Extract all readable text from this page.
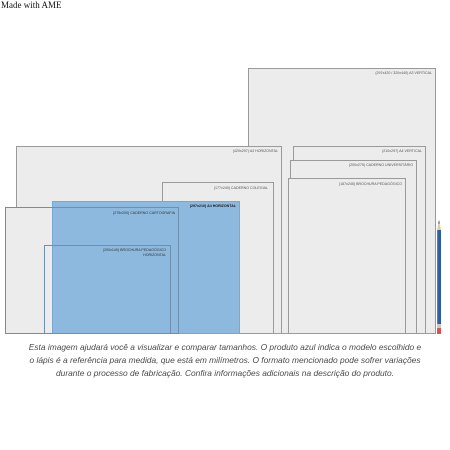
Made with AME
(297x420 / 320x440) A3 VERTICAL
(420x297) A3 HORIZONTAL	(210x297) A4 VERTICAL
(200x275) CADERNO UNIVERSITÁRIO
(187x245) BROCHURA PEDAGÓGICO
(177x240) CADERNO COLEGIAL
(297x210) A4 HORIZONTAL
(275x200) CADERNO CARTOGRAFIA
(200x140) BROCHURA PEDAGÓGICO
HORIZONTAL
Esta imagem ajudará você a visualizar e comparar tamanhos. O produto azul indica o modelo escolhido e
o lápis é a referência para medida, que está em milímetros. O formato mencionado pode sofrer variações
durante o processo de fabricação. Confira informações adicionais na descrição do produto.
